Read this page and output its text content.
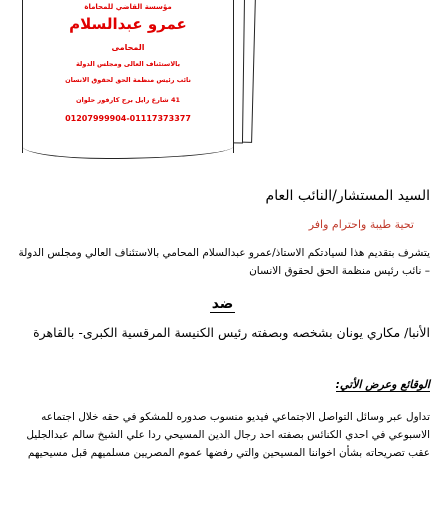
مؤسسة القاضي للمحاماة
عمرو عبدالسلام
المحامى
بالاستئناف العالى ومجلس الدولة
نائب رئيس منظمة الحق لحقوق الانسان
41 شارع رايل برج كارفور حلوان
01207999904-01117373377
السيد المستشار/النائب العام
تحية طيبة واحترام وافر
يتشرف بتقديم هذا لسيادتكم الاستاذ/عمرو عبدالسلام المحامي بالاستئناف العالي ومجلس الدولة – نائب رئيس منظمة الحق لحقوق الانسان
ضد
الأنبا/ مكاري يونان بشخصه وبصفته رئيس الكنيسة المرقسية الكبرى- بالقاهرة
الوقائع وعرض الأتي:
تداول عبر وسائل التواصل الاجتماعي فيديو منسوب صدوره للمشكو في حقه خلال اجتماعه الاسبوعي في احدي الكنائس بصفته احد رجال الدين المسيحي ردا علي الشيخ سالم عبدالجليل عقب تصريحاته بشأن اخواننا المسيحين والتي رفضها عموم المصريين مسلميهم قبل مسيحيهم
